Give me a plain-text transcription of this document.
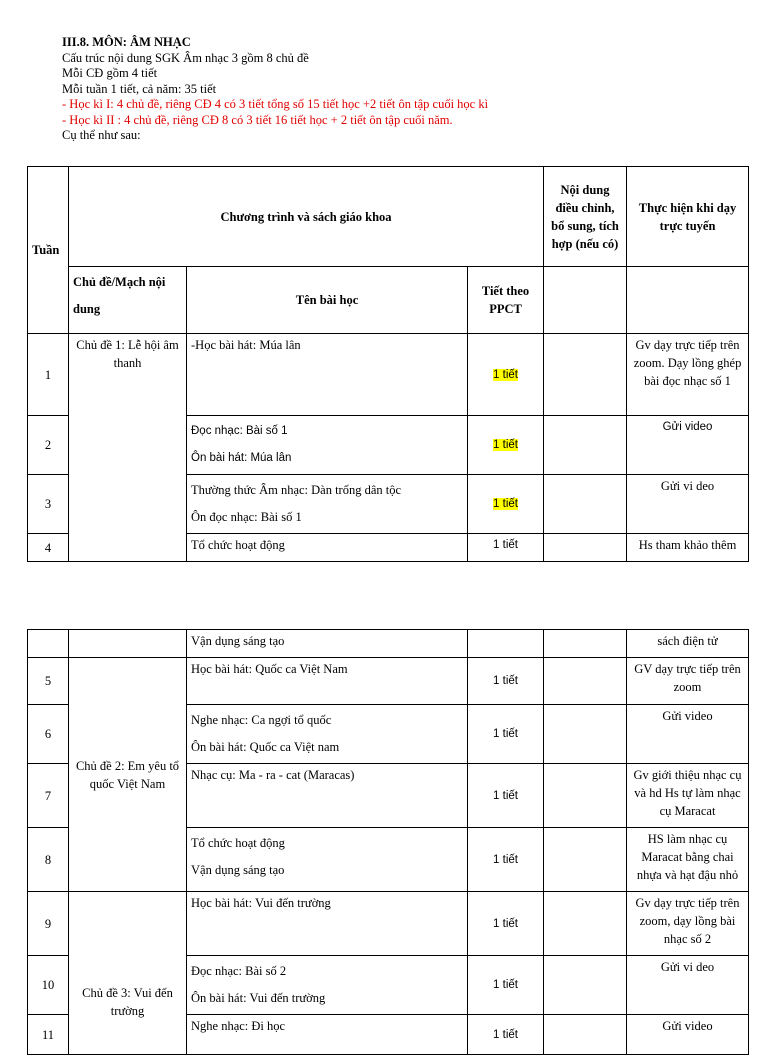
III.8. MÔN: ÂM NHẠC
Cấu trúc nội dung SGK Âm nhạc 3 gồm 8 chủ đề
Mỗi CĐ gồm 4 tiết
Mỗi tuần 1 tiết, cả năm: 35 tiết
- Học kì I: 4 chủ đề, riêng CĐ 4 có 3 tiết tổng số 15 tiết học +2 tiết ôn tập cuối học kì
- Học kì II : 4 chủ đề, riêng CĐ 8 có 3 tiết 16 tiết học + 2 tiết ôn tập cuối năm.
Cụ thể như sau:
Tuần	Chương trình và sách giáo khoa			Nội dung điều chỉnh, bổ sung, tích hợp (nếu có)	Thực hiện khi dạy trực tuyến
	Chủ đề/Mạch nội dung	Tên bài học	Tiết theo PPCT		
1	Chủ đề 1: Lễ hội âm thanh	-Học bài hát: Múa lân	1 tiết		Gv dạy trực tiếp trên zoom. Dạy lồng ghép bài đọc nhạc số 1
2		Đọc nhạc: Bài số 1
Ôn bài hát: Múa lân	1 tiết		Gửi video
3		Thường thức Âm nhạc: Dàn trống dân tộc
Ôn đọc nhạc: Bài số 1	1 tiết		Gửi vi deo
4		Tổ chức hoạt động	1 tiết		Hs tham khảo thêm
		Vận dụng sáng tạo			sách điện tử
5	Chủ đề 2: Em yêu tổ quốc Việt Nam	Học bài hát: Quốc ca Việt Nam	1 tiết		GV dạy trực tiếp trên zoom
6		Nghe nhạc: Ca ngợi tổ quốc
Ôn bài hát: Quốc ca Việt nam	1 tiết		Gửi video
7		Nhạc cụ: Ma - ra - cat (Maracas)	1 tiết		Gv giới thiệu nhạc cụ và hd Hs tự làm nhạc cụ Maracat
8		Tổ chức hoạt động
Vận dụng sáng tạo	1 tiết		HS làm nhạc cụ Maracat bằng chai nhựa và hạt đậu nhỏ
9	Chủ đề 3: Vui đến trường	Học bài hát: Vui đến trường	1 tiết		Gv dạy trực tiếp trên zoom, dạy lồng bài nhạc số 2
10		Đọc nhạc: Bài số 2
Ôn bài hát: Vui đến trường	1 tiết		Gửi vi deo
11		Nghe nhạc: Đi học	1 tiết		Gửi video
